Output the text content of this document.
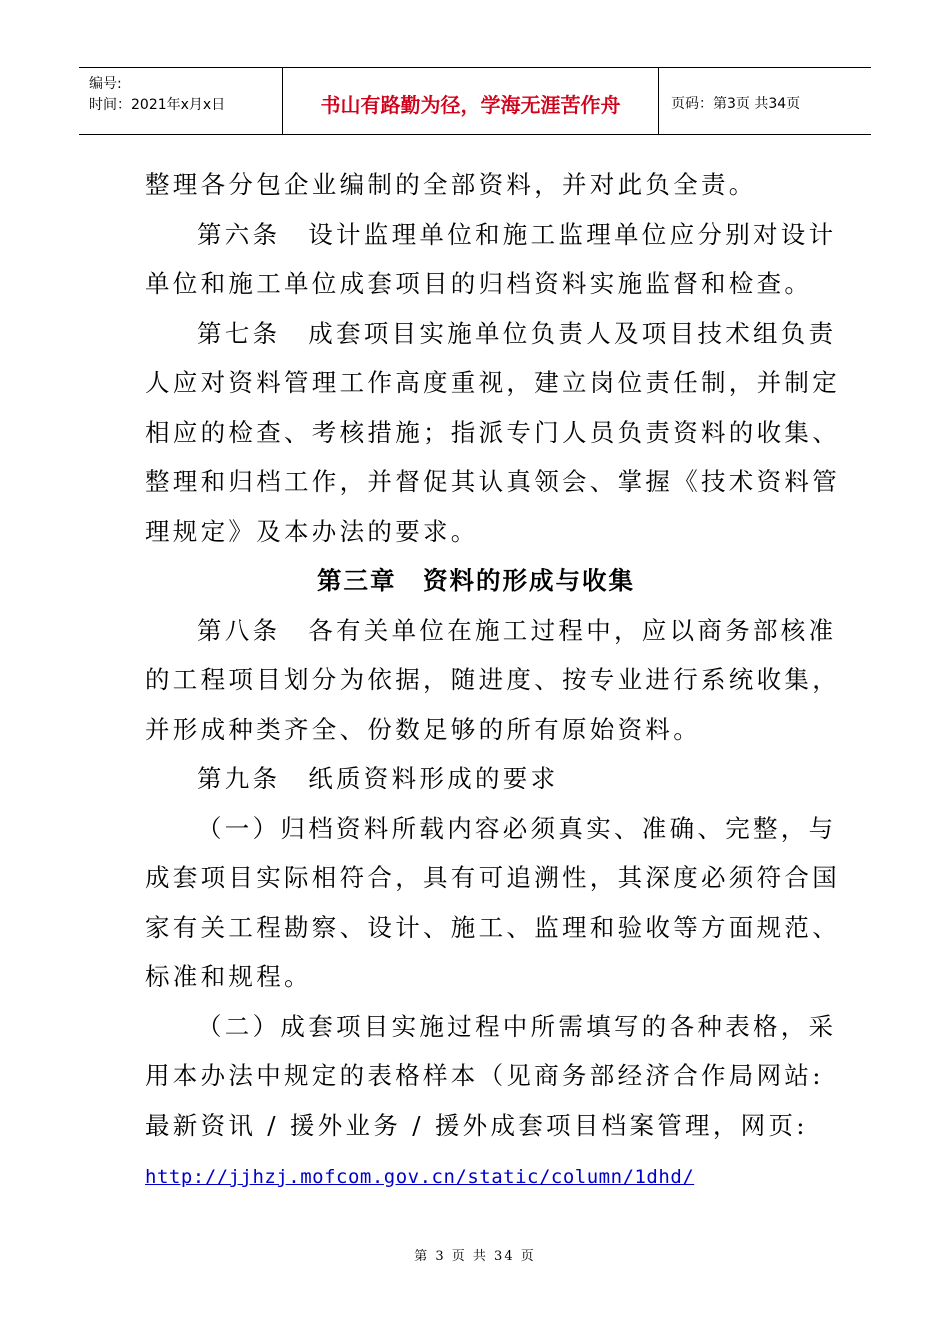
编号:
时间：2021年x月x日	书山有路勤为径，学海无涯苦作舟	页码：第3页 共34页
整理各分包企业编制的全部资料，并对此负全责。
第六条　设计监理单位和施工监理单位应分别对设计
单位和施工单位成套项目的归档资料实施监督和检查。
第七条　成套项目实施单位负责人及项目技术组负责
人应对资料管理工作高度重视，建立岗位责任制，并制定
相应的检查、考核措施；指派专门人员负责资料的收集、
整理和归档工作，并督促其认真领会、掌握《技术资料管
理规定》及本办法的要求。
第三章　资料的形成与收集
第八条　各有关单位在施工过程中，应以商务部核准
的工程项目划分为依据，随进度、按专业进行系统收集，
并形成种类齐全、份数足够的所有原始资料。
第九条　纸质资料形成的要求
（一）归档资料所载内容必须真实、准确、完整，与
成套项目实际相符合，具有可追溯性，其深度必须符合国
家有关工程勘察、设计、施工、监理和验收等方面规范、
标准和规程。
（二）成套项目实施过程中所需填写的各种表格，采
用本办法中规定的表格样本（见商务部经济合作局网站:
最新资讯 / 援外业务 / 援外成套项目档案管理，网页:
http://jjhzj.mofcom.gov.cn/static/column/1dhd/
第 3 页 共 34 页
